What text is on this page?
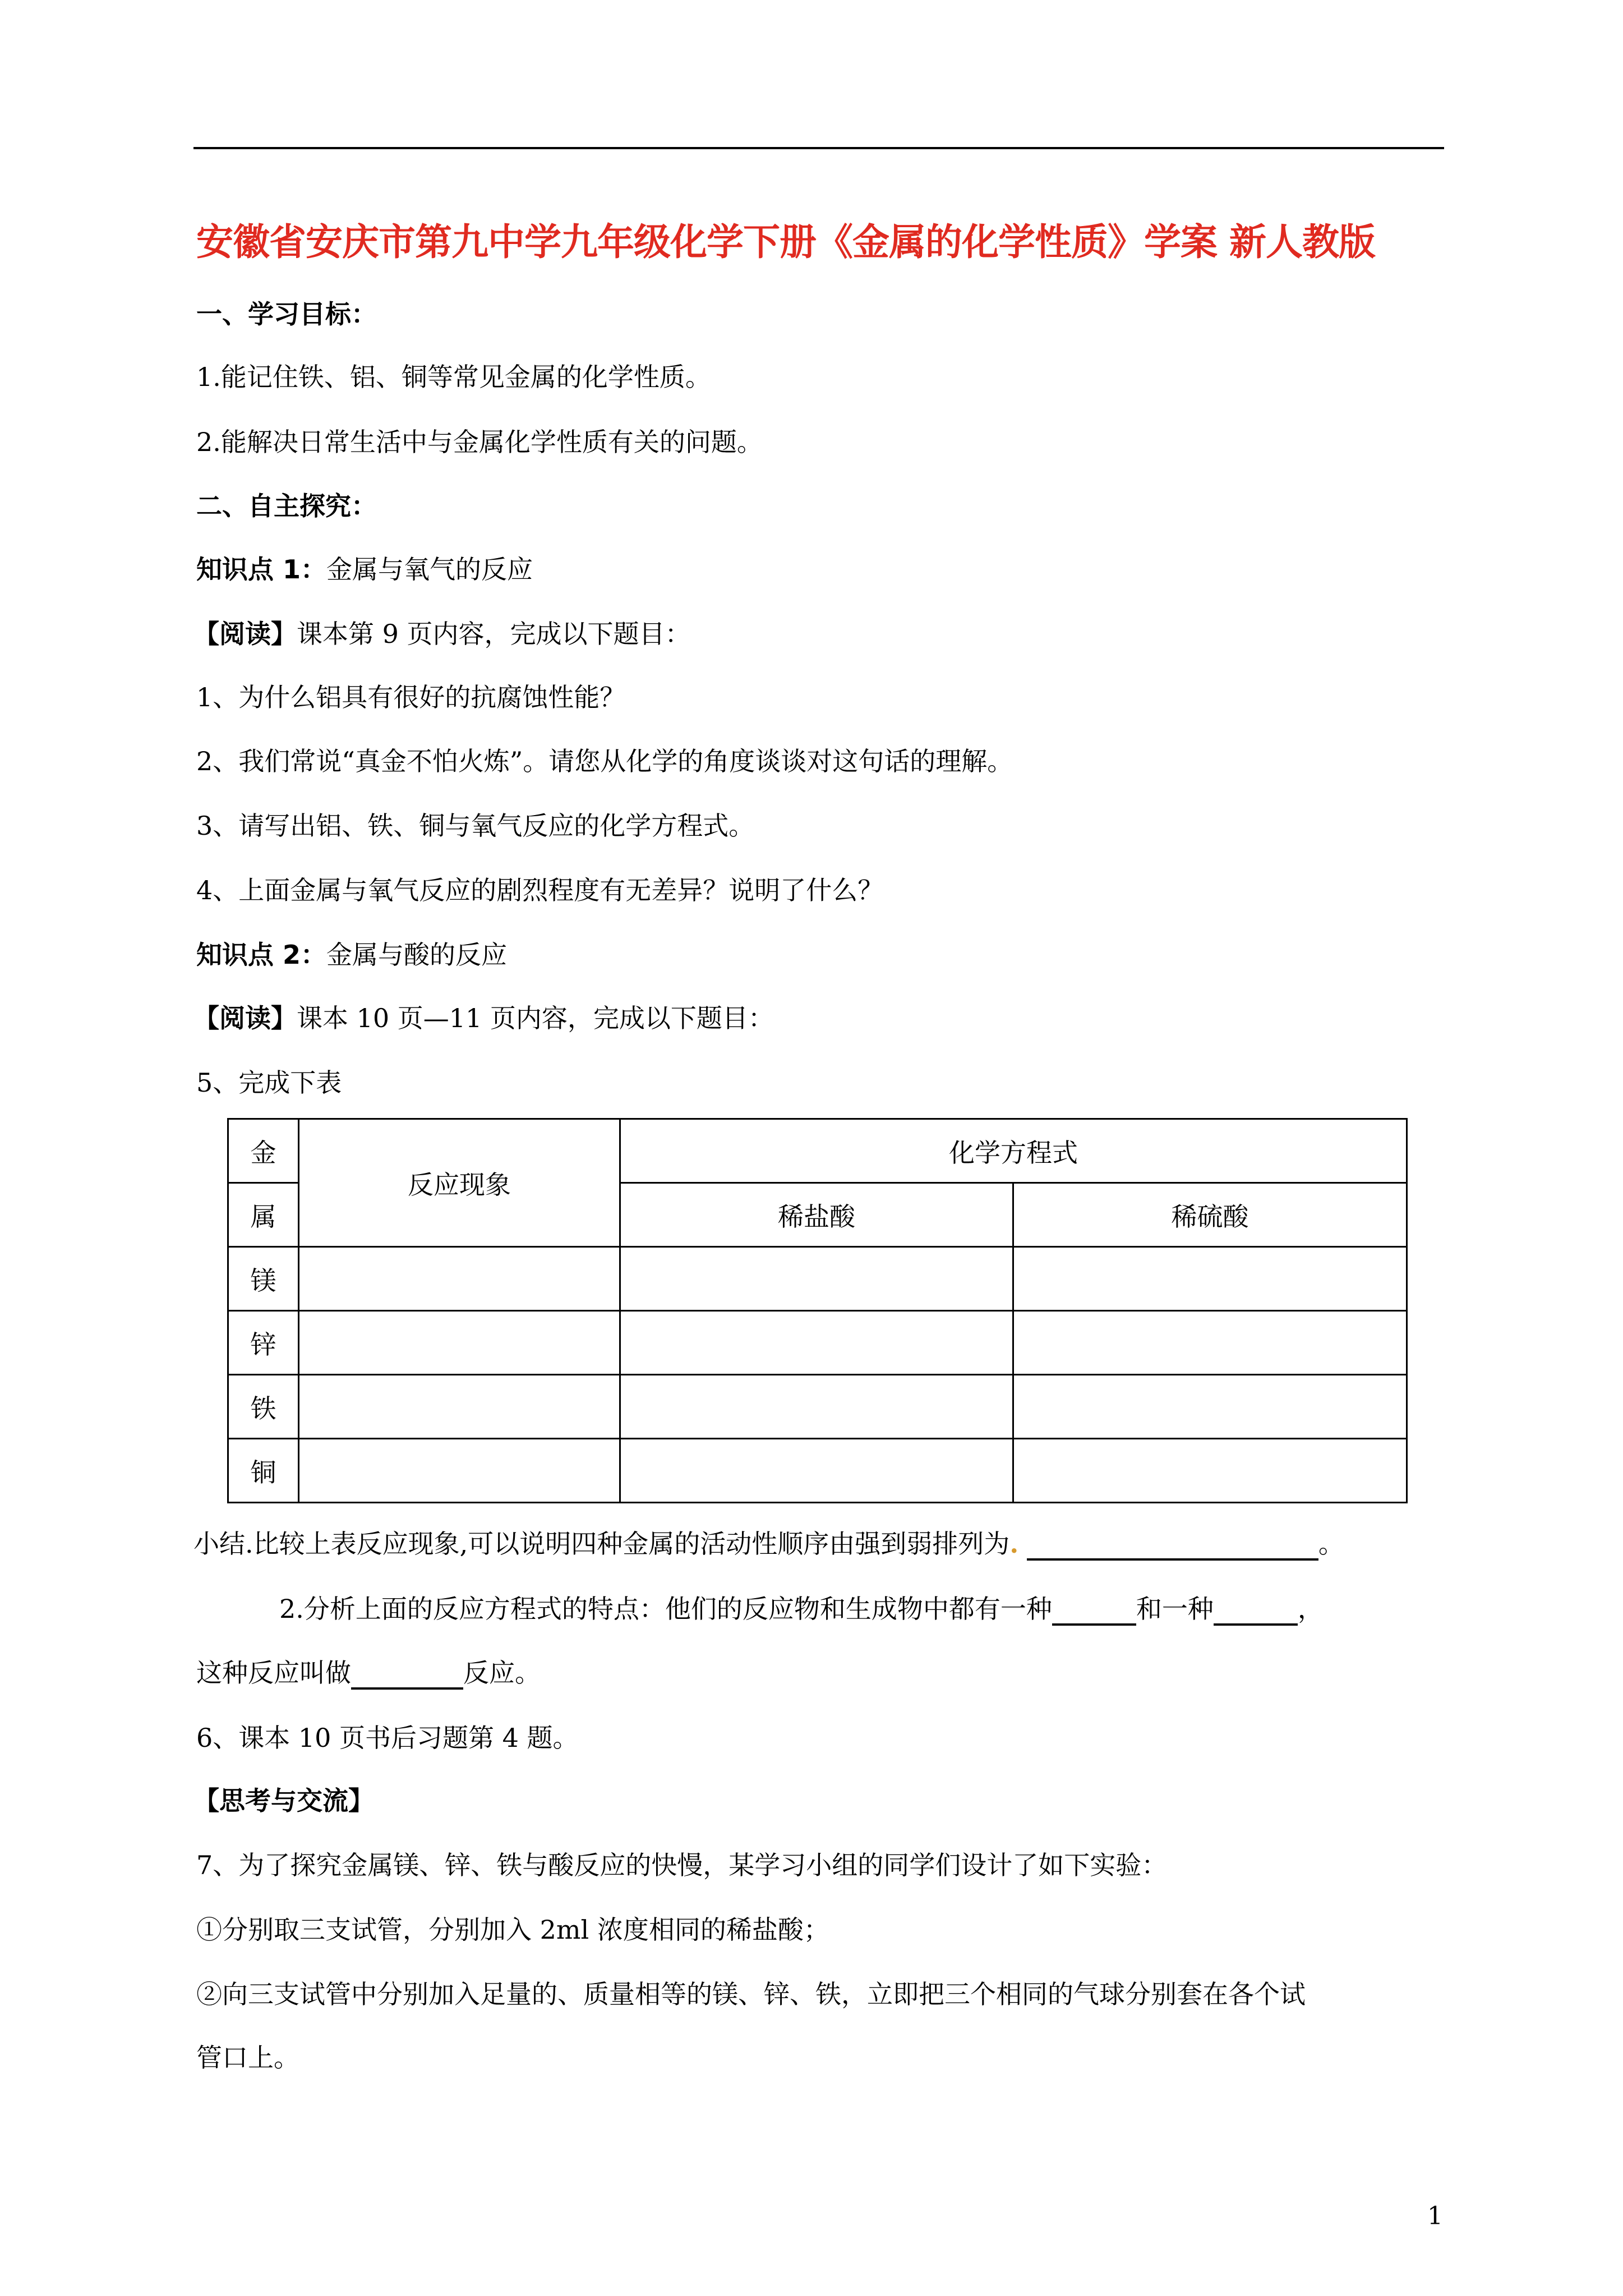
安徽省安庆市第九中学九年级化学下册《金属的化学性质》学案 新人教版
一、学习目标：
1.能记住铁、铝、铜等常见金属的化学性质。
2.能解决日常生活中与金属化学性质有关的问题。
二、自主探究：
知识点 1：金属与氧气的反应
【阅读】课本第 9 页内容，完成以下题目：
1、为什么铝具有很好的抗腐蚀性能？
2、我们常说“真金不怕火炼”。请您从化学的角度谈谈对这句话的理解。
3、请写出铝、铁、铜与氧气反应的化学方程式。
4、上面金属与氧气反应的剧烈程度有无差异？说明了什么？
知识点 2：金属与酸的反应
【阅读】课本 10 页—11 页内容，完成以下题目：
5、完成下表
金	反应现象	化学方程式	
属		稀盐酸	稀硫酸
镁			
锌			
铁			
铜			
小结.比较上表反应现象,可以说明四种金属的活动性顺序由强到弱排列为.	。
2.分析上面的反应方程式的特点：他们的反应物和生成物中都有一种	和一种	，
这种反应叫做	反应。
6、课本 10 页书后习题第 4 题。
【思考与交流】
7、为了探究金属镁、锌、铁与酸反应的快慢，某学习小组的同学们设计了如下实验：
①分别取三支试管，分别加入 2ml 浓度相同的稀盐酸；
②向三支试管中分别加入足量的、质量相等的镁、锌、铁，立即把三个相同的气球分别套在各个试
管口上。
1
